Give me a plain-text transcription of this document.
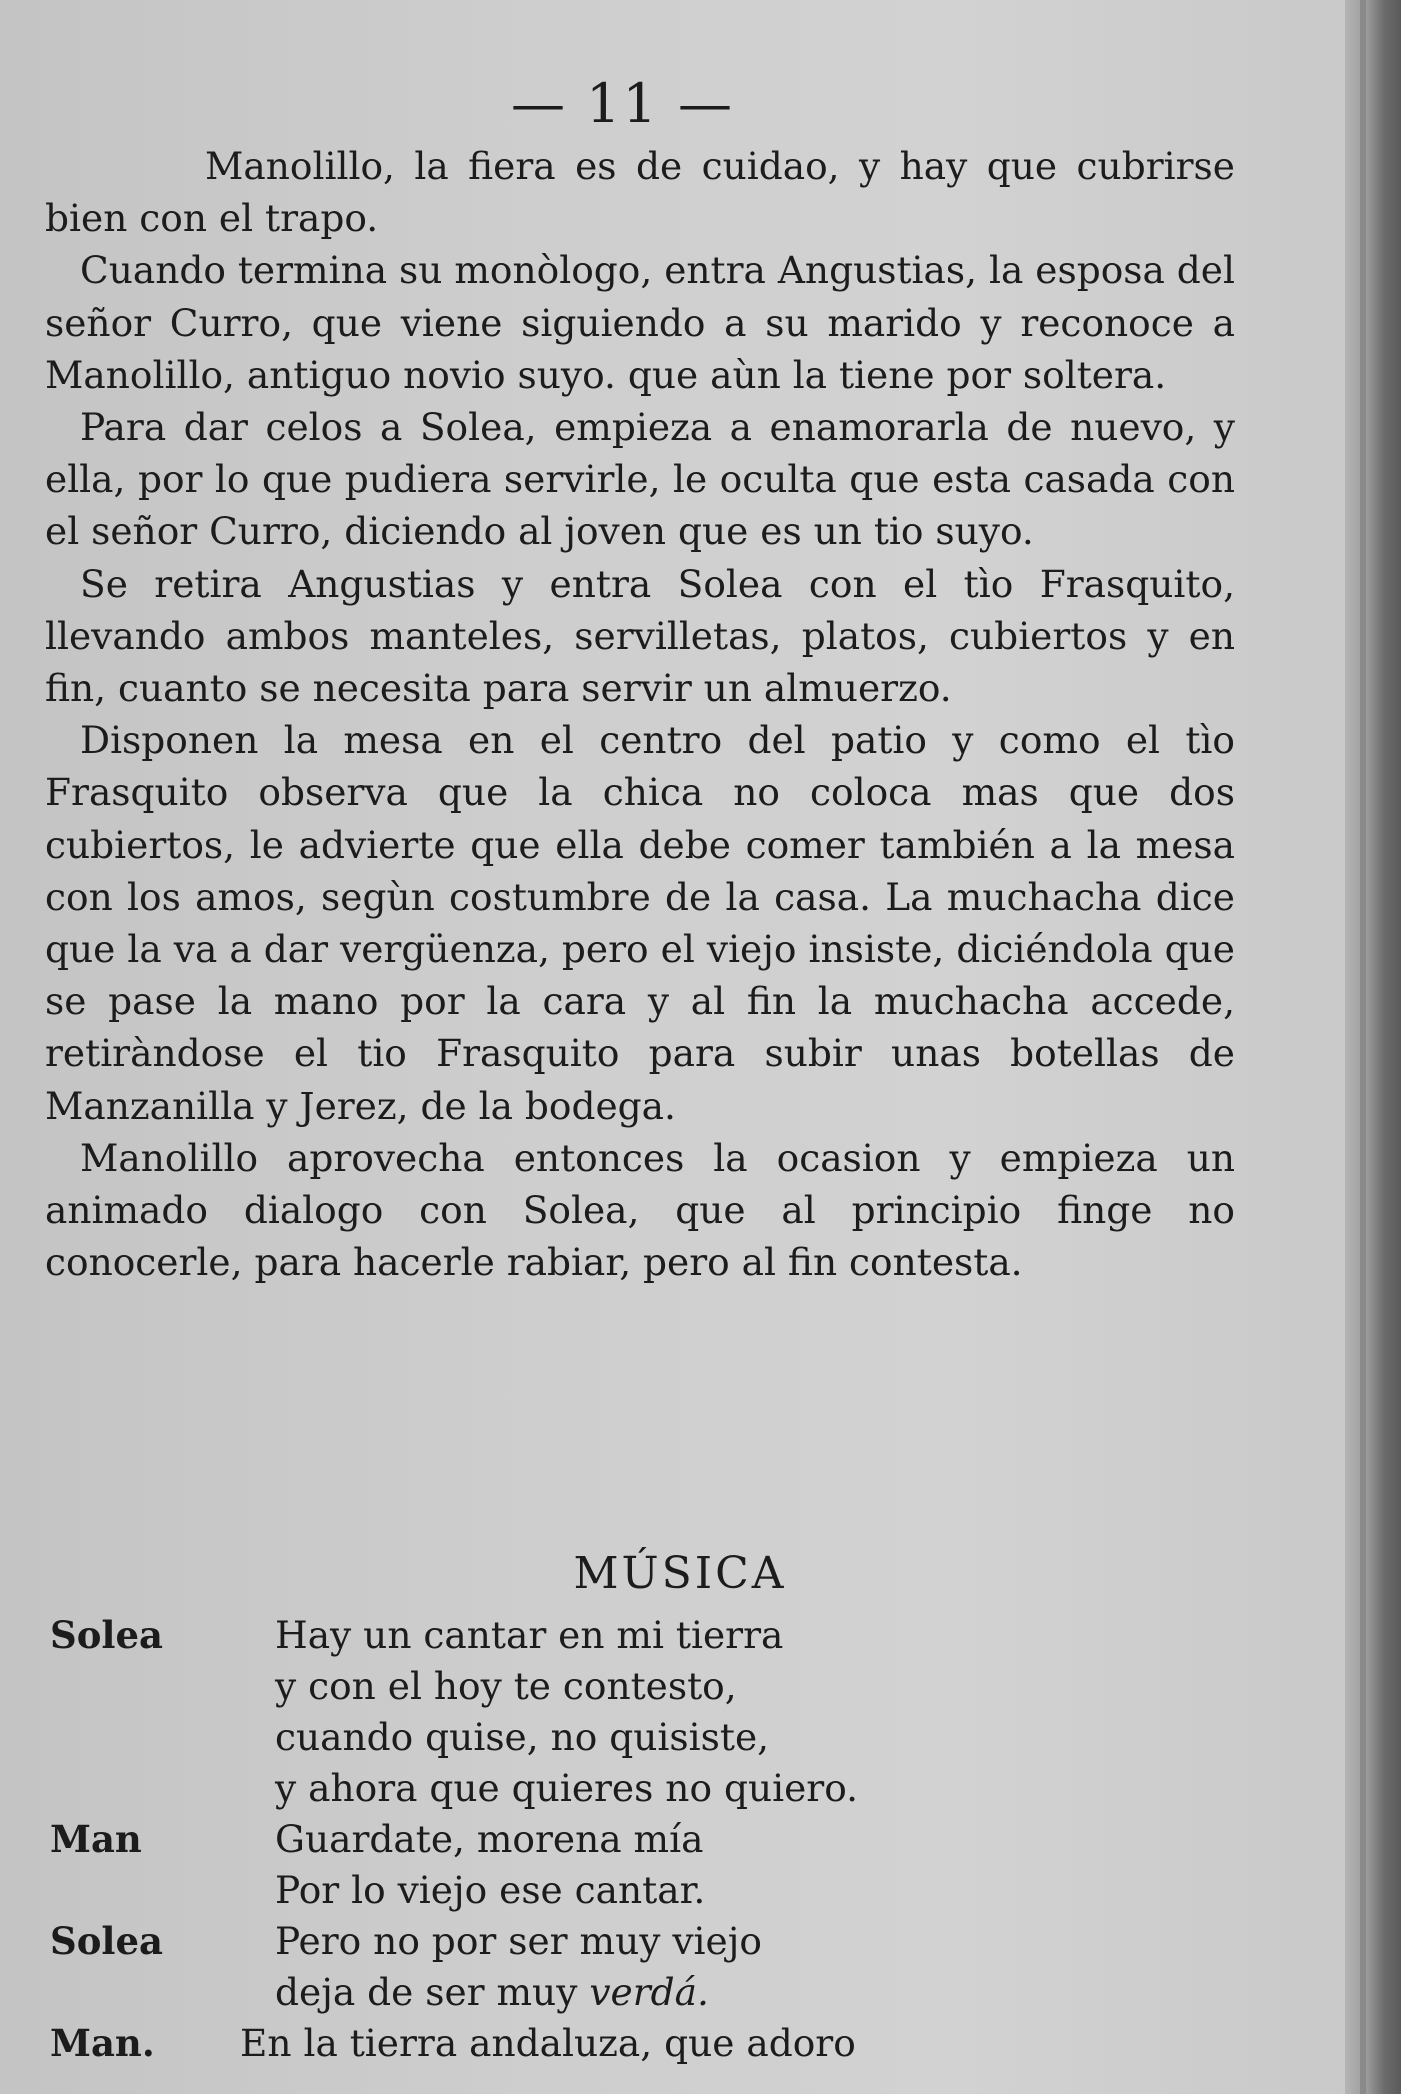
— 11 —

Manolillo, la fiera es de cuidao, y hay que cubrirse bien con el trapo.

Cuando termina su monòlogo, entra Angustias, la esposa del señor Curro, que viene siguiendo a su marido y reconoce a Manolillo, antiguo novio suyo. que aùn la tiene por soltera.

Para dar celos a Solea, empieza a enamorarla de nuevo, y ella, por lo que pudiera servirle, le oculta que esta casada con el señor Curro, diciendo al joven que es un tio suyo.

Se retira Angustias y entra Solea con el tìo Frasquito, llevando ambos manteles, servilletas, platos, cubiertos y en fin, cuanto se necesita para servir un almuerzo.

Disponen la mesa en el centro del patio y como el tìo Frasquito observa que la chica no coloca mas que dos cubiertos, le advierte que ella debe comer también a la mesa con los amos, segùn costumbre de la casa. La muchacha dice que la va a dar vergüenza, pero el viejo insiste, diciéndola que se pase la mano por la cara y al fin la muchacha accede, retiràndose el tio Frasquito para subir unas botellas de Manzanilla y Jerez, de la bodega.

Manolillo aprovecha entonces la ocasion y empieza un animado dialogo con Solea, que al principio finge no conocerle, para hacerle rabiar, pero al fin contesta.

MÚSICA
Solea	Hay un cantar en mi tierra
y con el hoy te contesto,
cuando quise, no quisiste,
y ahora que quieres no quiero.
Man	Guardate, morena mía
Por lo viejo ese cantar.
Solea	Pero no por ser muy viejo
deja de ser muy verdá.
Man. En la tierra andaluza, que adoro
